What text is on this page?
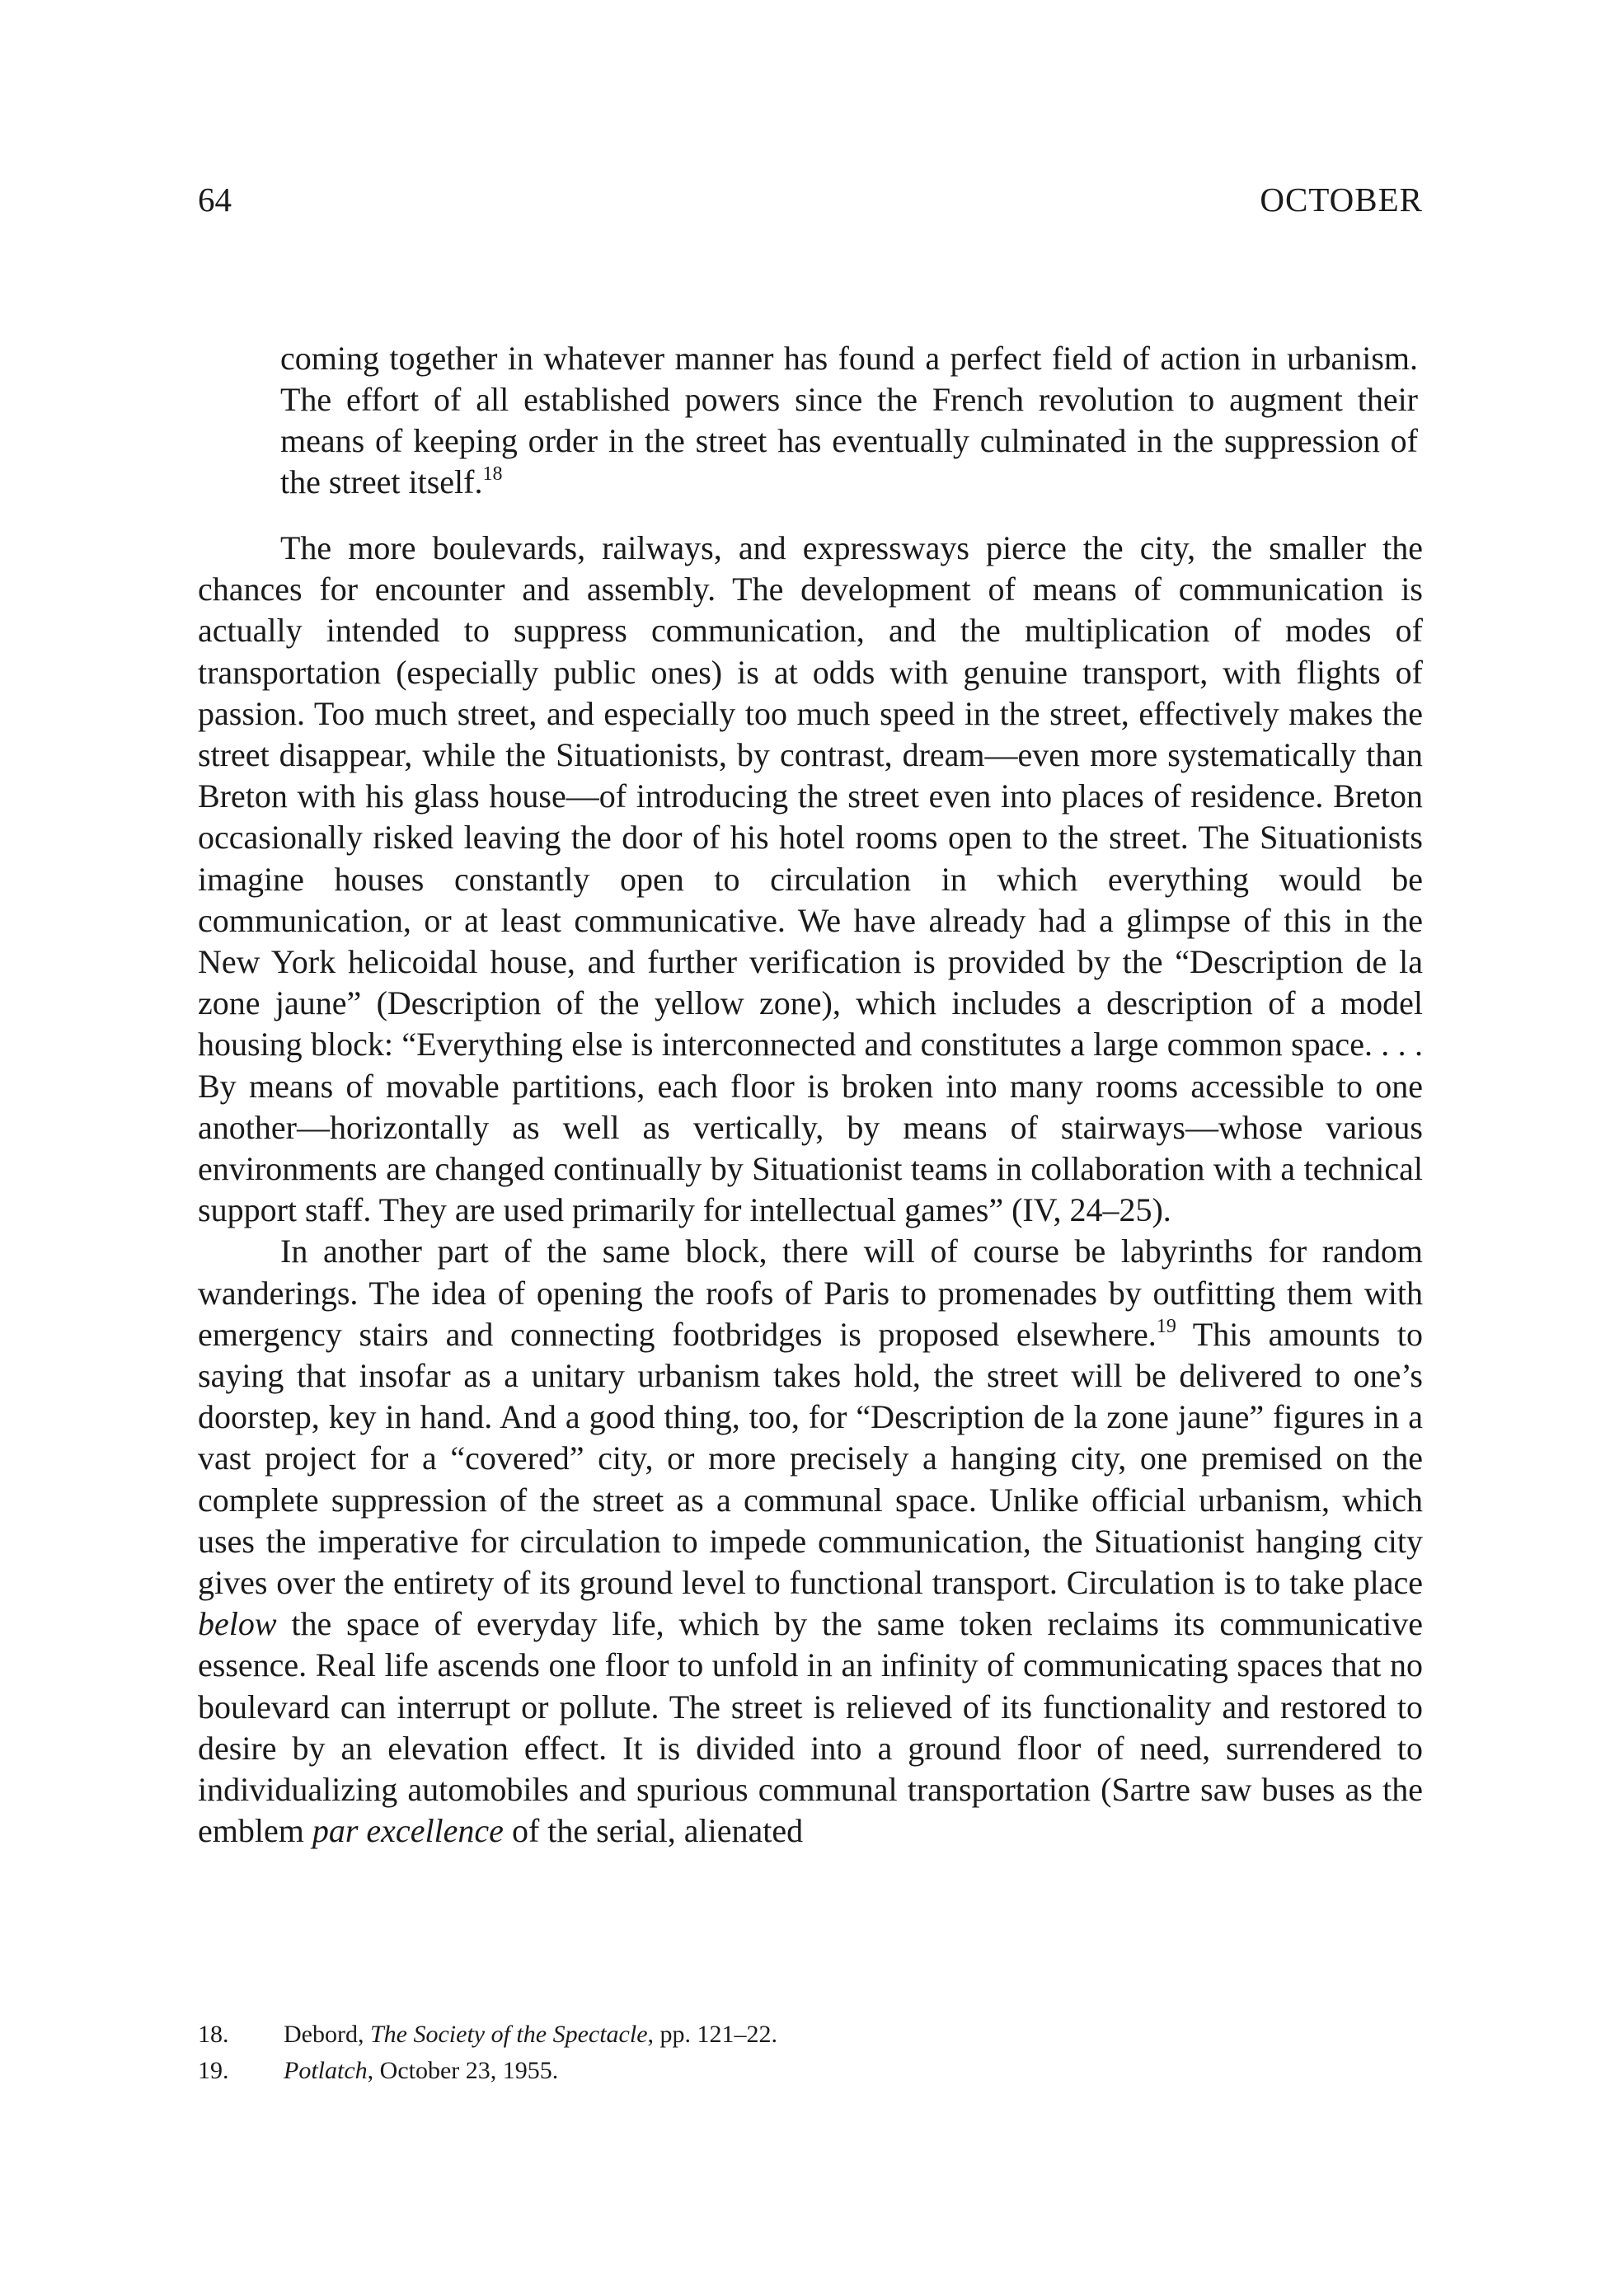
64	OCTOBER

coming together in whatever manner has found a perfect field of action in urbanism. The effort of all established powers since the French revolution to augment their means of keeping order in the street has eventually culminated in the suppression of the street itself.$^{18}$

The more boulevards, railways, and expressways pierce the city, the smaller the chances for encounter and assembly. The development of means of communication is actually intended to suppress communication, and the multiplication of modes of transportation (especially public ones) is at odds with genuine transport, with flights of passion. Too much street, and especially too much speed in the street, effectively makes the street disappear, while the Situationists, by contrast, dream—even more systematically than Breton with his glass house—of introducing the street even into places of residence. Breton occasionally risked leaving the door of his hotel rooms open to the street. The Situationists imagine houses constantly open to circulation in which everything would be communication, or at least communicative. We have already had a glimpse of this in the New York helicoidal house, and further verification is provided by the “Description de la zone jaune” (Description of the yellow zone), which includes a description of a model housing block: “Everything else is interconnected and constitutes a large common space. . . . By means of movable partitions, each floor is broken into many rooms accessible to one another—horizontally as well as vertically, by means of stairways—whose various environments are changed continually by Situationist teams in collaboration with a technical support staff. They are used primarily for intellectual games” (IV, 24–25).

In another part of the same block, there will of course be labyrinths for random wanderings. The idea of opening the roofs of Paris to promenades by outfitting them with emergency stairs and connecting footbridges is proposed elsewhere.$^{19}$ This amounts to saying that insofar as a unitary urbanism takes hold, the street will be delivered to one’s doorstep, key in hand. And a good thing, too, for “Description de la zone jaune” figures in a vast project for a “covered” city, or more precisely a hanging city, one premised on the complete suppression of the street as a communal space. Unlike official urbanism, which uses the imperative for circulation to impede communication, the Situationist hanging city gives over the entirety of its ground level to functional transport. Circulation is to take place below the space of everyday life, which by the same token reclaims its communicative essence. Real life ascends one floor to unfold in an infinity of communicating spaces that no boulevard can interrupt or pollute. The street is relieved of its functionality and restored to desire by an elevation effect. It is divided into a ground floor of need, surrendered to individualizing automobiles and spurious communal transportation (Sartre saw buses as the emblem par excellence of the serial, alienated

18.	Debord, The Society of the Spectacle, pp. 121–22.
19.	Potlatch, October 23, 1955.
